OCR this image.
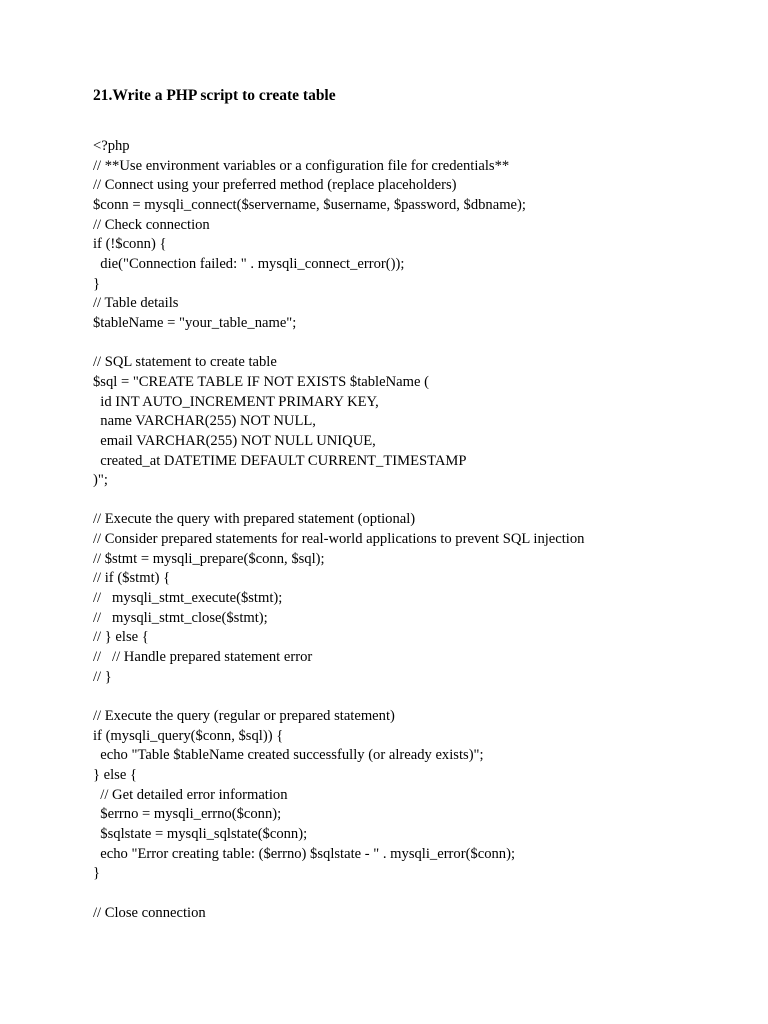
21.Write a PHP script to create table
<?php
// **Use environment variables or a configuration file for credentials**
// Connect using your preferred method (replace placeholders)
$conn = mysqli_connect($servername, $username, $password, $dbname);
// Check connection
if (!$conn) {
die("Connection failed: " . mysqli_connect_error());
}
// Table details
$tableName = "your_table_name";
// SQL statement to create table
$sql = "CREATE TABLE IF NOT EXISTS $tableName (
id INT AUTO_INCREMENT PRIMARY KEY,
name VARCHAR(255) NOT NULL,
email VARCHAR(255) NOT NULL UNIQUE,
created_at DATETIME DEFAULT CURRENT_TIMESTAMP
)";
// Execute the query with prepared statement (optional)
// Consider prepared statements for real-world applications to prevent SQL injection
// $stmt = mysqli_prepare($conn, $sql);
// if ($stmt) {
//   mysqli_stmt_execute($stmt);
//   mysqli_stmt_close($stmt);
// } else {
//   // Handle prepared statement error
// }
// Execute the query (regular or prepared statement)
if (mysqli_query($conn, $sql)) {
echo "Table $tableName created successfully (or already exists)";
} else {
// Get detailed error information
$errno = mysqli_errno($conn);
$sqlstate = mysqli_sqlstate($conn);
echo "Error creating table: ($errno) $sqlstate - " . mysqli_error($conn);
}
// Close connection
